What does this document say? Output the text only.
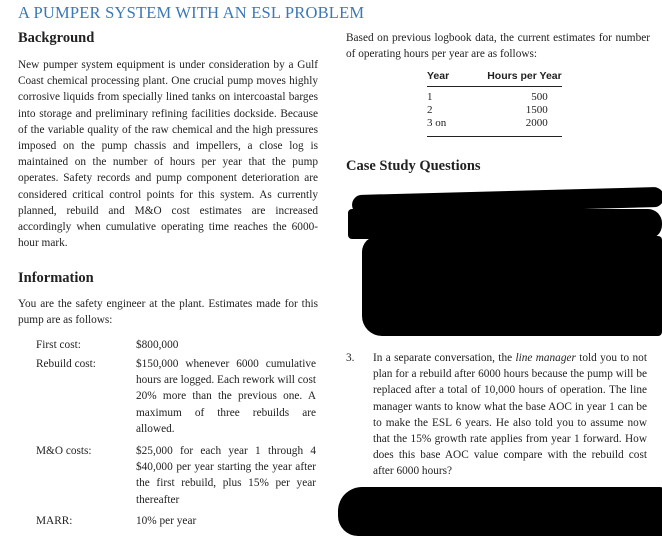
A PUMPER SYSTEM WITH AN ESL PROBLEM
Background

New pumper system equipment is under consideration by a Gulf Coast chemical processing plant. One crucial pump moves highly corrosive liquids from specially lined tanks on intercoastal barges into storage and preliminary refining facilities dockside. Because of the variable quality of the raw chemical and the high pressures imposed on the pump chassis and impellers, a close log is maintained on the number of hours per year that the pump operates. Safety records and pump component deterioration are considered critical control points for this system. As currently planned, rebuild and M&O cost estimates are increased accordingly when cumulative operating time reaches the 6000-hour mark.

Information

You are the safety engineer at the plant. Estimates made for this pump are as follows:

First cost:	$800,000
Rebuild cost:	$150,000 whenever 6000 cumulative hours are logged. Each rework will cost 20% more than the previous one. A maximum of three rebuilds are allowed.
M&O costs:	$25,000 for each year 1 through 4 $40,000 per year starting the year after the first rebuild, plus 15% per year thereafter
MARR:	10% per year

Based on previous logbook data, the current estimates for number of operating hours per year are as follows:

Year	Hours per Year
1	500
2	1500
3 on	2000
Case Study Questions
3. In a separate conversation, the line manager told you to not plan for a rebuild after 6000 hours because the pump will be replaced after a total of 10,000 hours of operation. The line manager wants to know what the base AOC in year 1 can be to make the ESL 6 years. He also told you to assume now that the 15% growth rate applies from year 1 forward. How does this base AOC value compare with the rebuild cost after 6000 hours?
